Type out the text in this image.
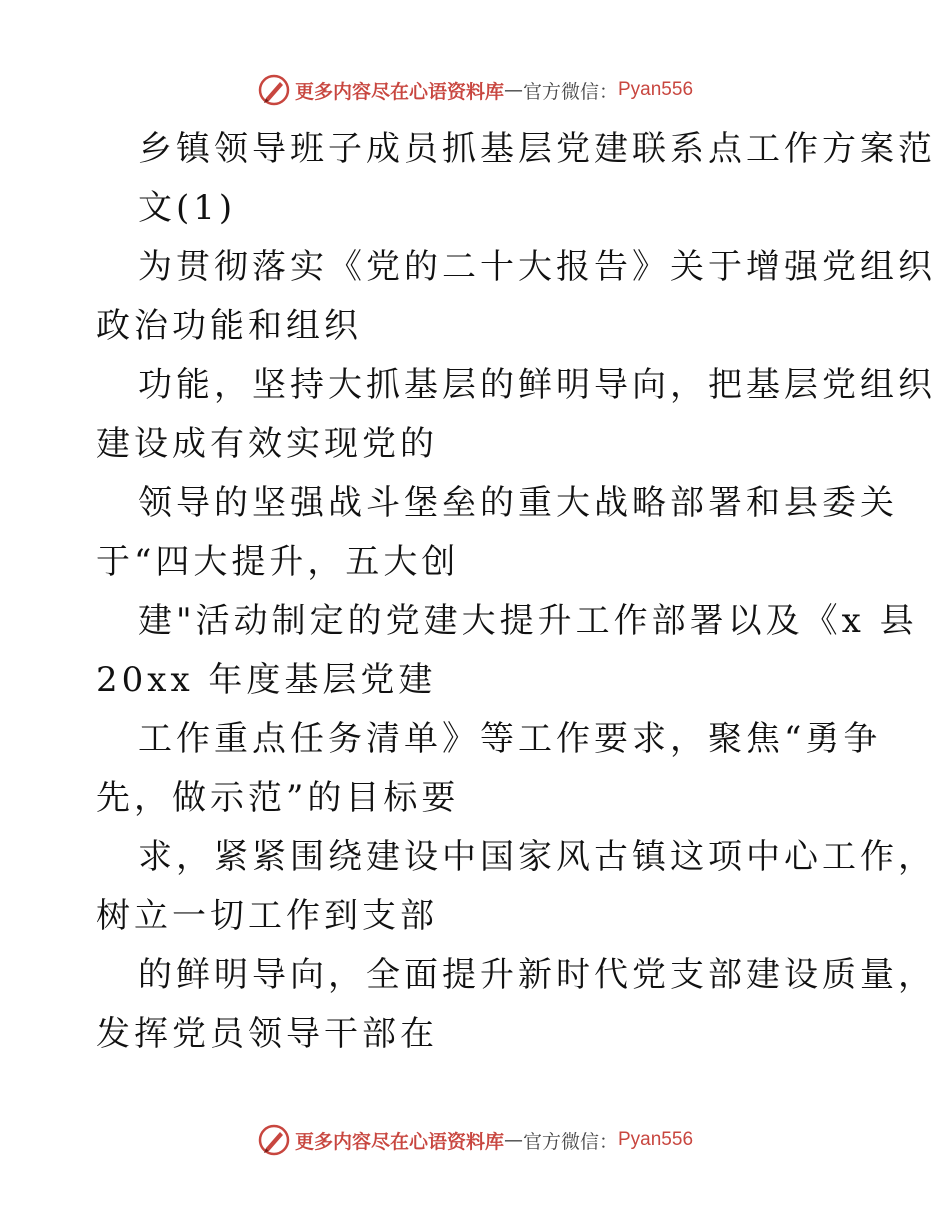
更多内容尽在心语资料库 — 官方微信： Pyan556
乡镇领导班子成员抓基层党建联系点工作方案范
文(1)
为贯彻落实《党的二十大报告》关于增强党组织
政治功能和组织
功能，坚持大抓基层的鲜明导向，把基层党组织
建设成有效实现党的
领导的坚强战斗堡垒的重大战略部署和县委关
于“四大提升，五大创
建"活动制定的党建大提升工作部署以及《x 县
20xx 年度基层党建
工作重点任务清单》等工作要求，聚焦“勇争
先，做示范”的目标要
求，紧紧围绕建设中国家风古镇这项中心工作，
树立一切工作到支部
的鲜明导向，全面提升新时代党支部建设质量，
发挥党员领导干部在
更多内容尽在心语资料库 — 官方微信： Pyan556
